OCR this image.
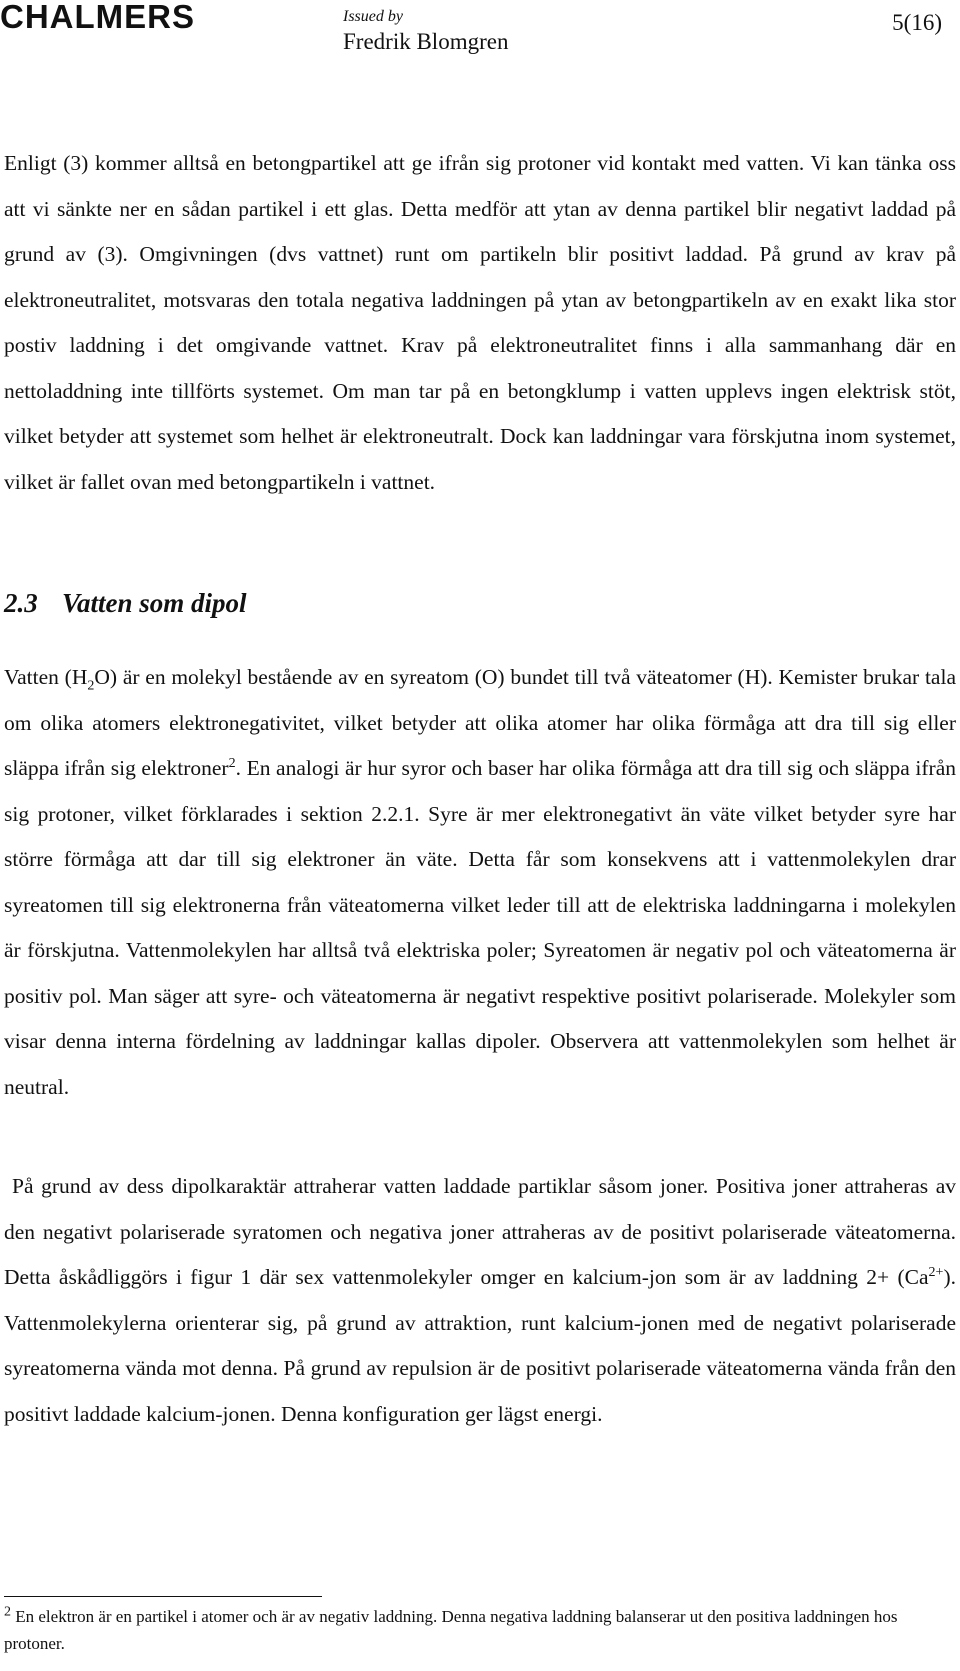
CHALMERS	Issued by
Fredrik Blomgren
5(16)

Enligt (3) kommer alltså en betongpartikel att ge ifrån sig protoner vid kontakt med vatten. Vi kan tänka oss att vi sänkte ner en sådan partikel i ett glas. Detta medför att ytan av denna partikel blir negativt laddad på grund av (3). Omgivningen (dvs vattnet) runt om partikeln blir positivt laddad. På grund av krav på elektroneutralitet, motsvaras den totala negativa laddningen på ytan av betongpartikeln av en exakt lika stor postiv laddning i det omgivande vattnet. Krav på elektroneutralitet finns i alla sammanhang där en nettoladdning inte tillförts systemet. Om man tar på en betongklump i vatten upplevs ingen elektrisk stöt, vilket betyder att systemet som helhet är elektroneutralt. Dock kan laddningar vara förskjutna inom systemet, vilket är fallet ovan med betongpartikeln i vattnet.

2.3 Vatten som dipol

Vatten $(H_2O)$ är en molekyl bestående av en syreatom (O) bundet till två väteatomer (H). Kemister brukar tala om olika atomers elektronegativitet, vilket betyder att olika atomer har olika förmåga att dra till sig eller släppa ifrån sig elektroner$^2$. En analogi är hur syror och baser har olika förmåga att dra till sig och släppa ifrån sig protoner, vilket förklarades i sektion 2.2.1. Syre är mer elektronegativt än väte vilket betyder syre har större förmåga att dar till sig elektroner än väte. Detta får som konsekvens att i vattenmolekylen drar syreatomen till sig elektronerna från väteatomerna vilket leder till att de elektriska laddningarna i molekylen är förskjutna. Vattenmolekylen har alltså två elektriska poler; Syreatomen är negativ pol och väteatomerna är positiv pol. Man säger att syre- och väteatomerna är negativt respektive positivt polariserade. Molekyler som visar denna interna fördelning av laddningar kallas dipoler. Observera att vattenmolekylen som helhet är neutral.

På grund av dess dipolkaraktär attraherar vatten laddade partiklar såsom joner. Positiva joner attraheras av den negativt polariserade syratomen och negativa joner attraheras av de positivt polariserade väteatomerna. Detta åskådliggörs i figur 1 där sex vattenmolekyler omger en kalcium-jon som är av laddning $2+ (Ca^{2+})$. Vattenmolekylerna orienterar sig, på grund av attraktion, runt kalcium-jonen med de negativt polariserade syreatomerna vända mot denna. På grund av repulsion är de positivt polariserade väteatomerna vända från den positivt laddade kalcium-jonen. Denna konfiguration ger lägst energi.

$^2$ En elektron är en partikel i atomer och är av negativ laddning. Denna negativa laddning balanserar ut den positiva laddningen hos protoner.
